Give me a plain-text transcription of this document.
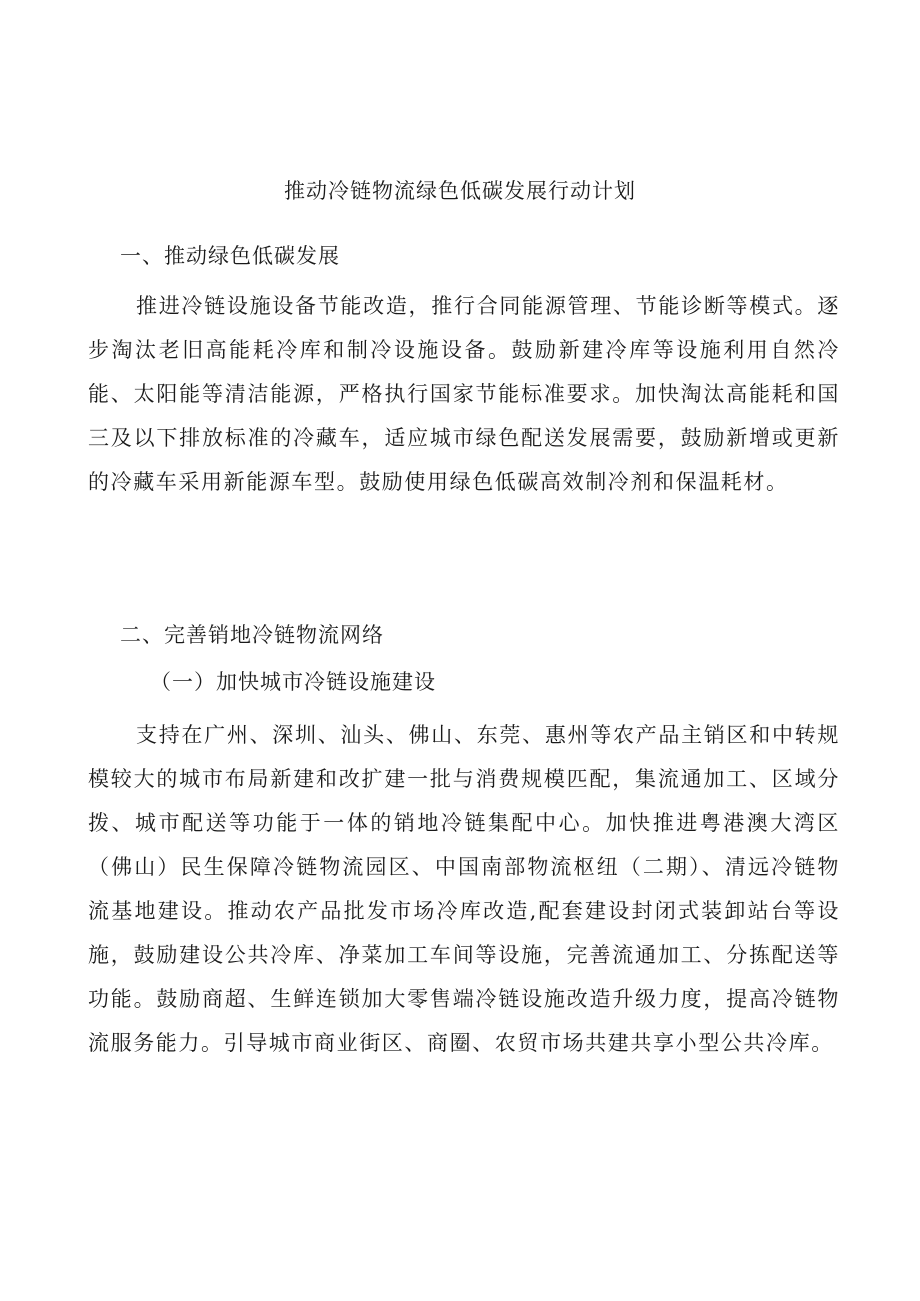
推动冷链物流绿色低碳发展行动计划
一、推动绿色低碳发展

推进冷链设施设备节能改造，推行合同能源管理、节能诊断等模式。逐步淘汰老旧高能耗冷库和制冷设施设备。鼓励新建冷库等设施利用自然冷能、太阳能等清洁能源，严格执行国家节能标准要求。加快淘汰高能耗和国三及以下排放标准的冷藏车，适应城市绿色配送发展需要，鼓励新增或更新的冷藏车采用新能源车型。鼓励使用绿色低碳高效制冷剂和保温耗材。

二、完善销地冷链物流网络
（一）加快城市冷链设施建设

支持在广州、深圳、汕头、佛山、东莞、惠州等农产品主销区和中转规模较大的城市布局新建和改扩建一批与消费规模匹配，集流通加工、区域分拨、城市配送等功能于一体的销地冷链集配中心。加快推进粤港澳大湾区（佛山）民生保障冷链物流园区、中国南部物流枢纽（二期）、清远冷链物流基地建设。推动农产品批发市场冷库改造,配套建设封闭式装卸站台等设施，鼓励建设公共冷库、净菜加工车间等设施，完善流通加工、分拣配送等功能。鼓励商超、生鲜连锁加大零售端冷链设施改造升级力度，提高冷链物流服务能力。引导城市商业街区、商圈、农贸市场共建共享小型公共冷库。
